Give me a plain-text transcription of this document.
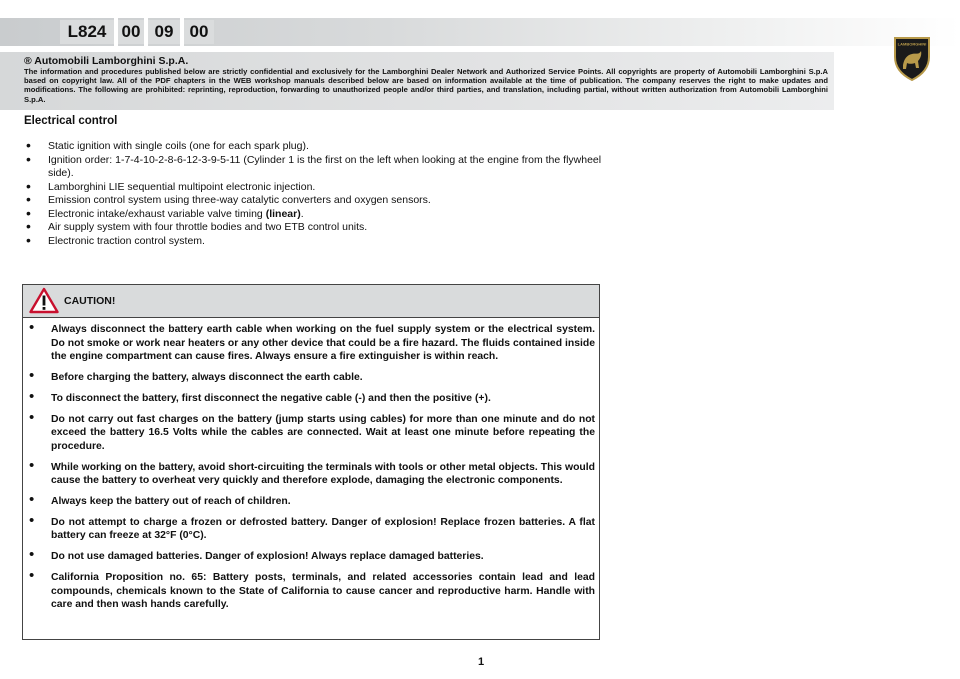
L824 00 09 00
LAMBORGHINI
® Automobili Lamborghini S.p.A.
The information and procedures published below are strictly confidential and exclusively for the Lamborghini Dealer Network and Authorized Service Points. All copyrights are property of Automobili Lamborghini S.p.A based on copyright law. All of the PDF chapters in the WEB workshop manuals described below are based on information available at the time of publication. The company reserves the right to make updates and modifications. The following are prohibited: reprinting, reproduction, forwarding to unauthorized people and/or third parties, and translation, including partial, without written authorization from Automobili Lamborghini S.p.A.
Electrical control
• Static ignition with single coils (one for each spark plug).
• Ignition order: 1-7-4-10-2-8-6-12-3-9-5-11 (Cylinder 1 is the first on the left when looking at the engine from the flywheel side).
• Lamborghini LIE sequential multipoint electronic injection.
• Emission control system using three-way catalytic converters and oxygen sensors.
• Electronic intake/exhaust variable valve timing (linear).
• Air supply system with four throttle bodies and two ETB control units.
• Electronic traction control system.
CAUTION!
• Always disconnect the battery earth cable when working on the fuel supply system or the electrical system. Do not smoke or work near heaters or any other device that could be a fire hazard. The fluids contained inside the engine compartment can cause fires. Always ensure a fire extinguisher is within reach.
• Before charging the battery, always disconnect the earth cable.
• To disconnect the battery, first disconnect the negative cable (-) and then the positive (+).
• Do not carry out fast charges on the battery (jump starts using cables) for more than one minute and do not exceed the battery 16.5 Volts while the cables are connected. Wait at least one minute before repeating the procedure.
• While working on the battery, avoid short-circuiting the terminals with tools or other metal objects. This would cause the battery to overheat very quickly and therefore explode, damaging the electronic components.
• Always keep the battery out of reach of children.
• Do not attempt to charge a frozen or defrosted battery. Danger of explosion! Replace frozen batteries. A flat battery can freeze at 32°F (0°C).
• Do not use damaged batteries. Danger of explosion! Always replace damaged batteries.
• California Proposition no. 65: Battery posts, terminals, and related accessories contain lead and lead compounds, chemicals known to the State of California to cause cancer and reproductive harm. Handle with care and then wash hands carefully.
1
